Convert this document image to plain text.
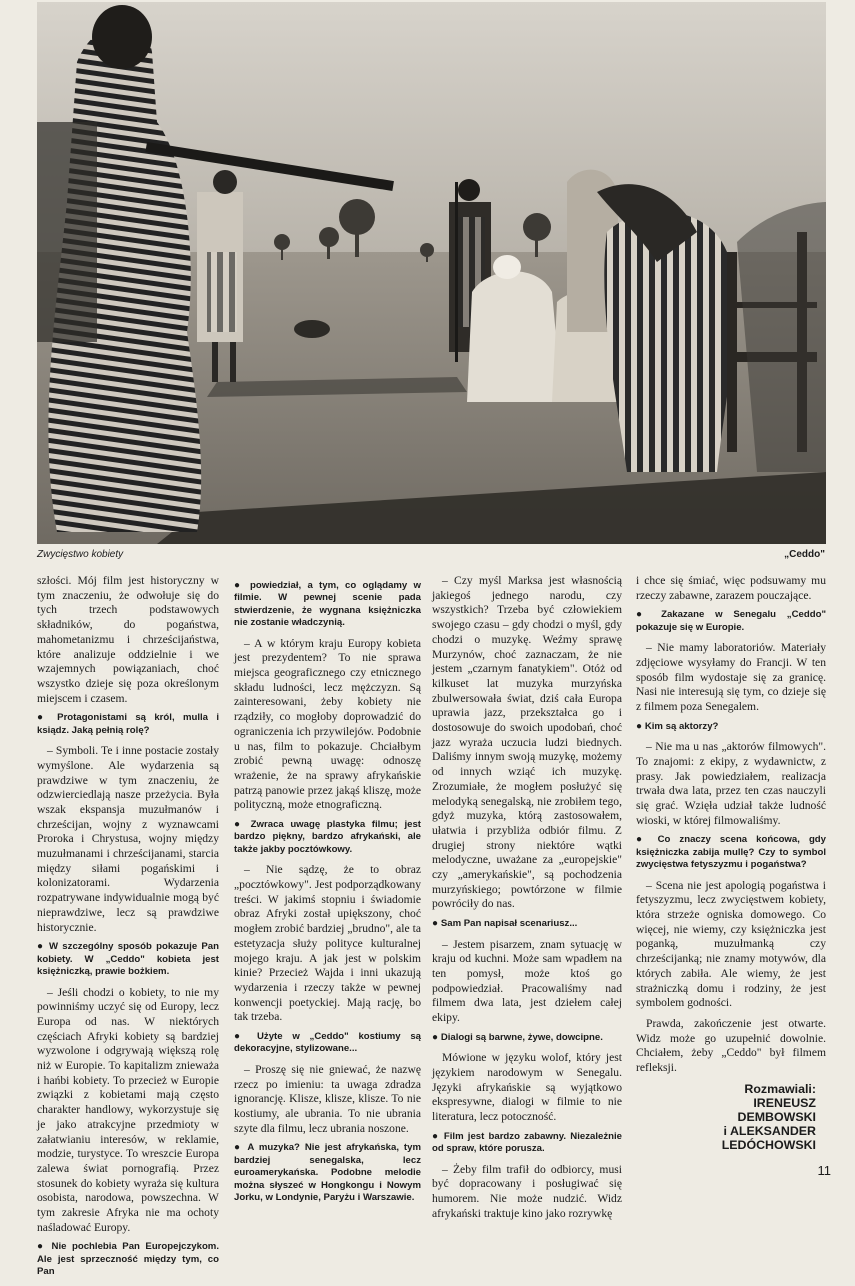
Zwycięstwo kobiety	„Ceddo"

szłości. Mój film jest historyczny w tym znaczeniu, że odwołuje się do tych trzech podstawowych składników, do pogaństwa, mahometanizmu i chrześcijaństwa, które analizuje oddzielnie i we wzajemnych powiązaniach, choć wszystko dzieje się poza określonym miejscem i czasem.

● Protagonistami są król, mulla i ksiądz. Jaką pełnią rolę?

– Symboli. Te i inne postacie zostały wymyślone. Ale wydarzenia są prawdziwe w tym znaczeniu, że odzwierciedlają nasze przeżycia. Była wszak ekspansja muzułmanów i chrześcijan, wojny z wyznawcami Proroka i Chrystusa, wojny między muzułmanami i chrześcijanami, starcia między siłami pogańskimi i kolonizatorami. Wydarzenia rozpatrywane indywidualnie mogą być nieprawdziwe, lecz są prawdziwe historycznie.

● W szczególny sposób pokazuje Pan kobiety. W „Ceddo" kobieta jest księżniczką, prawie bożkiem.

– Jeśli chodzi o kobiety, to nie my powinniśmy uczyć się od Europy, lecz Europa od nas. W niektórych częściach Afryki kobiety są bardziej wyzwolone i odgrywają większą rolę niż w Europie. To kapitalizm znieważa i hańbi kobiety. To przecież w Europie związki z kobietami mają często charakter handlowy, wykorzystuje się je jako atrakcyjne przedmioty w załatwianiu interesów, w reklamie, modzie, turystyce. To wreszcie Europa zalewa świat pornografią. Przez stosunek do kobiety wyraża się kultura osobista, narodowa, powszechna. W tym zakresie Afryka nie ma ochoty naśladować Europy.

● Nie pochlebia Pan Europejczykom. Ale jest sprzeczność między tym, co Pan

● powiedział, a tym, co oglądamy w filmie. W pewnej scenie pada stwierdzenie, że wygnana księżniczka nie zostanie władczynią.

– A w którym kraju Europy kobieta jest prezydentem? To nie sprawa miejsca geograficznego czy etnicznego składu ludności, lecz mężczyzn. Są zainteresowani, żeby kobiety nie rządziły, co mogłoby doprowadzić do ograniczenia ich przywilejów. Podobnie u nas, film to pokazuje. Chciałbym zrobić pewną uwagę: odnoszę wrażenie, że na sprawy afrykańskie patrzą panowie przez jakąś kliszę, może polityczną, może etnograficzną.

● Zwraca uwagę plastyka filmu; jest bardzo piękny, bardzo afrykański, ale także jakby pocztówkowy.

– Nie sądzę, że to obraz „pocztówkowy". Jest podporządkowany treści. W jakimś stopniu i świadomie obraz Afryki został upiększony, choć mogłem zrobić bardziej „brudno", ale ta estetyzacja służy polityce kulturalnej mojego kraju. A jak jest w polskim kinie? Przecież Wajda i inni ukazują wydarzenia i rzeczy także w pewnej konwencji poetyckiej. Mają rację, bo tak trzeba.

● Użyte w „Ceddo" kostiumy są dekoracyjne, stylizowane...

– Proszę się nie gniewać, że nazwę rzecz po imieniu: ta uwaga zdradza ignorancję. Klisze, klisze, klisze. To nie kostiumy, ale ubrania. To nie ubrania szyte dla filmu, lecz ubrania noszone.

● A muzyka? Nie jest afrykańska, tym bardziej senegalska, lecz euroamerykańska. Podobne melodie można słyszeć w Hongkongu i Nowym Jorku, w Londynie, Paryżu i Warszawie.

– Czy myśl Marksa jest własnością jakiegoś jednego narodu, czy wszystkich? Trzeba być człowiekiem swojego czasu – gdy chodzi o myśl, gdy chodzi o muzykę. Weźmy sprawę Murzynów, choć zaznaczam, że nie jestem „czarnym fanatykiem". Otóż od kilkuset lat muzyka murzyńska zbulwersowała świat, dziś cała Europa uprawia jazz, przekształca go i dostosowuje do swoich upodobań, choć jazz wyraża uczucia ludzi biednych. Daliśmy innym swoją muzykę, możemy od innych wziąć ich muzykę. Zrozumiałe, że mogłem posłużyć się melodyką senegalską, nie zrobiłem tego, gdyż muzyka, którą zastosowałem, ułatwia i przybliża odbiór filmu. Z drugiej strony niektóre wątki melodyczne, uważane za „europejskie" czy „amerykańskie", są pochodzenia murzyńskiego; powtórzone w filmie powróciły do nas.

● Sam Pan napisał scenariusz...

– Jestem pisarzem, znam sytuację w kraju od kuchni. Może sam wpadłem na ten pomysł, może ktoś go podpowiedział. Pracowaliśmy nad filmem dwa lata, jest dziełem całej ekipy.

● Dialogi są barwne, żywe, dowcipne.

Mówione w języku wolof, który jest językiem narodowym w Senegalu. Języki afrykańskie są wyjątkowo ekspresywne, dialogi w filmie to nie literatura, lecz potoczność.

● Film jest bardzo zabawny. Niezależnie od spraw, które porusza.

– Żeby film trafił do odbiorcy, musi być dopracowany i posługiwać się humorem. Nie może nudzić. Widz afrykański traktuje kino jako rozrywkę

i chce się śmiać, więc podsuwamy mu rzeczy zabawne, zarazem pouczające.

● Zakazane w Senegalu „Ceddo" pokazuje się w Europie.

– Nie mamy laboratoriów. Materiały zdjęciowe wysyłamy do Francji. W ten sposób film wydostaje się za granicę. Nasi nie interesują się tym, co dzieje się z filmem poza Senegalem.

● Kim są aktorzy?

– Nie ma u nas „aktorów filmowych". To znajomi: z ekipy, z wydawnictw, z prasy. Jak powiedziałem, realizacja trwała dwa lata, przez ten czas nauczyli się grać. Wzięła udział także ludność wioski, w której filmowaliśmy.

● Co znaczy scena końcowa, gdy księżniczka zabija mullę? Czy to symbol zwycięstwa fetyszyzmu i pogaństwa?

– Scena nie jest apologią pogaństwa i fetyszyzmu, lecz zwycięstwem kobiety, która strzeże ogniska domowego. Co więcej, nie wiemy, czy księżniczka jest poganką, muzułmanką czy chrześcijanką; nie znamy motywów, dla których zabiła. Ale wiemy, że jest strażniczką domu i rodziny, że jest symbolem godności.

Prawda, zakończenie jest otwarte. Widz może go uzupełnić dowolnie. Chciałem, żeby „Ceddo" był filmem refleksji.

Rozmawiali:
IRENEUSZ
DEMBOWSKI
i ALEKSANDER
LEDÓCHOWSKI
11
